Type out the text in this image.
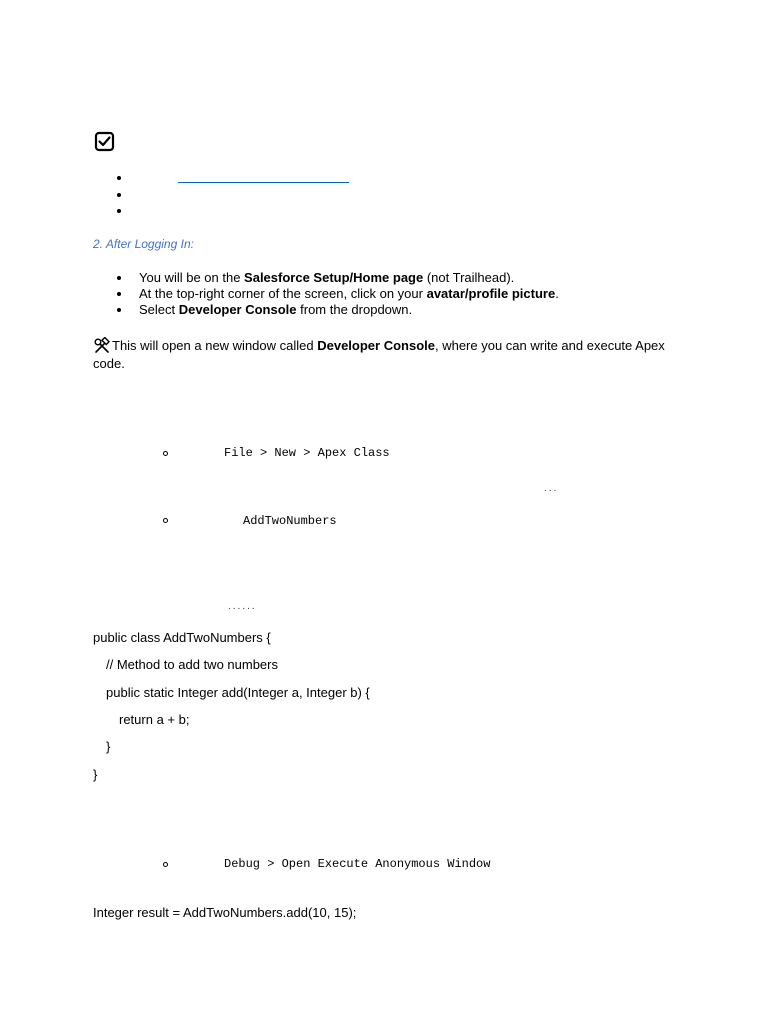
2. After Logging In:
You will be on the Salesforce Setup/Home page (not Trailhead).
At the top-right corner of the screen, click on your avatar/profile picture.
Select Developer Console from the dropdown.
This will open a new window called Developer Console, where you can write and execute Apex
code.
File > New > Apex Class
...
AddTwoNumbers
......
public class AddTwoNumbers {
// Method to add two numbers
public static Integer add(Integer a, Integer b) {
return a + b;
}
}
Debug > Open Execute Anonymous Window
Integer result = AddTwoNumbers.add(10, 15);
